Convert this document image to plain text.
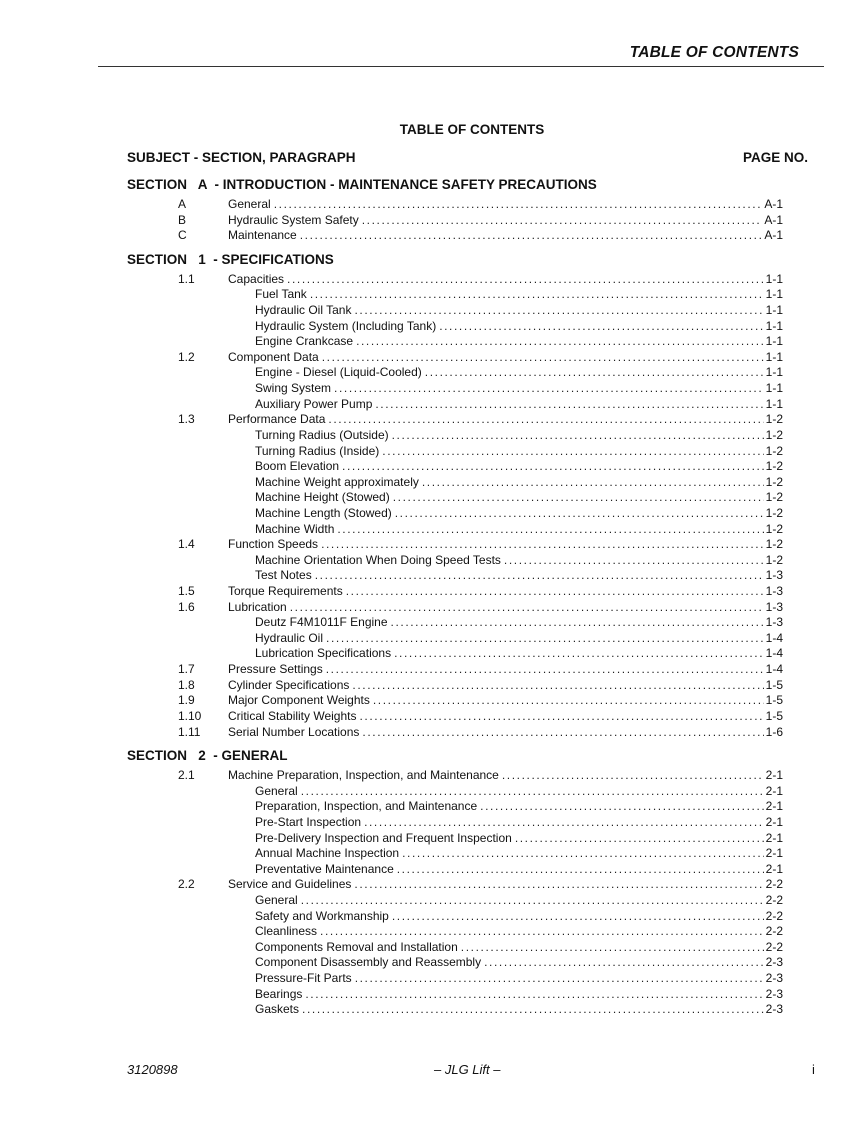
TABLE OF CONTENTS
TABLE OF CONTENTS
SUBJECT - SECTION, PARAGRAPH	PAGE NO.
SECTION   A  - INTRODUCTION - MAINTENANCE SAFETY PRECAUTIONS
A	General .....	A-1
B	Hydraulic System Safety .....	A-1
C	Maintenance .....	A-1
SECTION   1  - SPECIFICATIONS
1.1	Capacities .....	1-1
Fuel Tank .....	1-1
Hydraulic Oil Tank .....	1-1
Hydraulic System (Including Tank) .....	1-1
Engine Crankcase .....	1-1
1.2	Component Data .....	1-1
Engine - Diesel (Liquid-Cooled) .....	1-1
Swing System .....	1-1
Auxiliary Power Pump .....	1-1
1.3	Performance Data .....	1-2
Turning Radius (Outside) .....	1-2
Turning Radius (Inside) .....	1-2
Boom Elevation .....	1-2
Machine Weight approximately .....	1-2
Machine Height (Stowed) .....	1-2
Machine Length (Stowed) .....	1-2
Machine Width .....	1-2
1.4	Function Speeds .....	1-2
Machine Orientation When Doing Speed Tests .....	1-2
Test Notes .....	1-3
1.5	Torque Requirements .....	1-3
1.6	Lubrication .....	1-3
Deutz F4M1011F Engine .....	1-3
Hydraulic Oil .....	1-4
Lubrication Specifications .....	1-4
1.7	Pressure Settings .....	1-4
1.8	Cylinder Specifications .....	1-5
1.9	Major Component Weights .....	1-5
1.10 Critical Stability Weights .....	1-5
1.11 Serial Number Locations .....	1-6
SECTION   2  - GENERAL
2.1	Machine Preparation, Inspection, and Maintenance .....	2-1
General .....	2-1
Preparation, Inspection, and Maintenance .....	2-1
Pre-Start Inspection .....	2-1
Pre-Delivery Inspection and Frequent Inspection .....	2-1
Annual Machine Inspection .....	2-1
Preventative Maintenance .....	2-1
2.2	Service and Guidelines .....	2-2
General .....	2-2
Safety and Workmanship .....	2-2
Cleanliness .....	2-2
Components Removal and Installation .....	2-2
Component Disassembly and Reassembly .....	2-3
Pressure-Fit Parts .....	2-3
Bearings .....	2-3
Gaskets .....	2-3
3120898	– JLG Lift –	i
